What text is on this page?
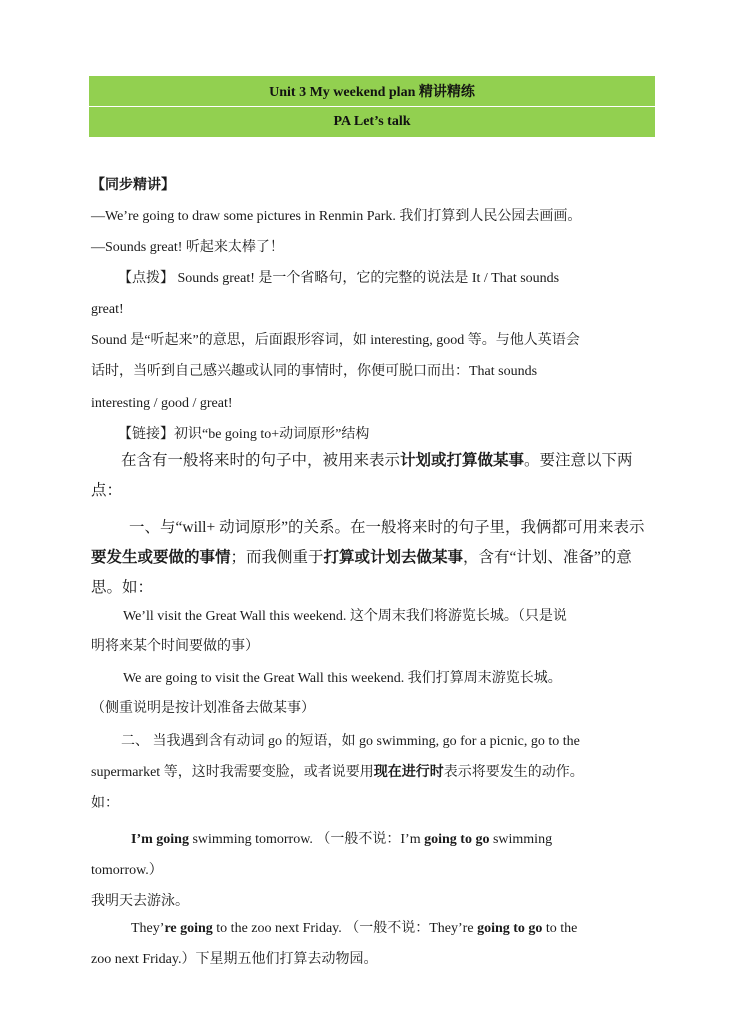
Unit 3 My weekend plan 精讲精练
PA Let’s talk
【同步精讲】
—We’re going to draw some pictures in Renmin Park. 我们打算到人民公园去画画。
—Sounds great! 听起来太棒了！
【点拨】 Sounds great! 是一个省略句，它的完整的说法是 It / That sounds
great!
Sound 是“听起来”的意思，后面跟形容词，如 interesting, good 等。与他人英语会
话时，当听到自己感兴趣或认同的事情时，你便可脱口而出：That sounds
interesting / good / great!
【链接】初识“be going to+动词原形”结构
在含有一般将来时的句子中，被用来表示计划或打算做某事。要注意以下两
点：
一、与“will+ 动词原形”的关系。在一般将来时的句子里，我俩都可用来表示
要发生或要做的事情；而我侧重于打算或计划去做某事，含有“计划、准备”的意
思。如：
We’ll visit the Great Wall this weekend. 这个周末我们将游览长城。（只是说
明将来某个时间要做的事）
We are going to visit the Great Wall this weekend. 我们打算周末游览长城。
（侧重说明是按计划准备去做某事）
二、 当我遇到含有动词 go 的短语，如 go swimming, go for a picnic, go to the
supermarket 等，这时我需要变脸，或者说要用现在进行时表示将要发生的动作。
如：
I’m going swimming tomorrow. （一般不说：I’m going to go swimming
tomorrow.）
我明天去游泳。
They’re going to the zoo next Friday. （一般不说：They’re going to go to the
zoo next Friday.）下星期五他们打算去动物园。
